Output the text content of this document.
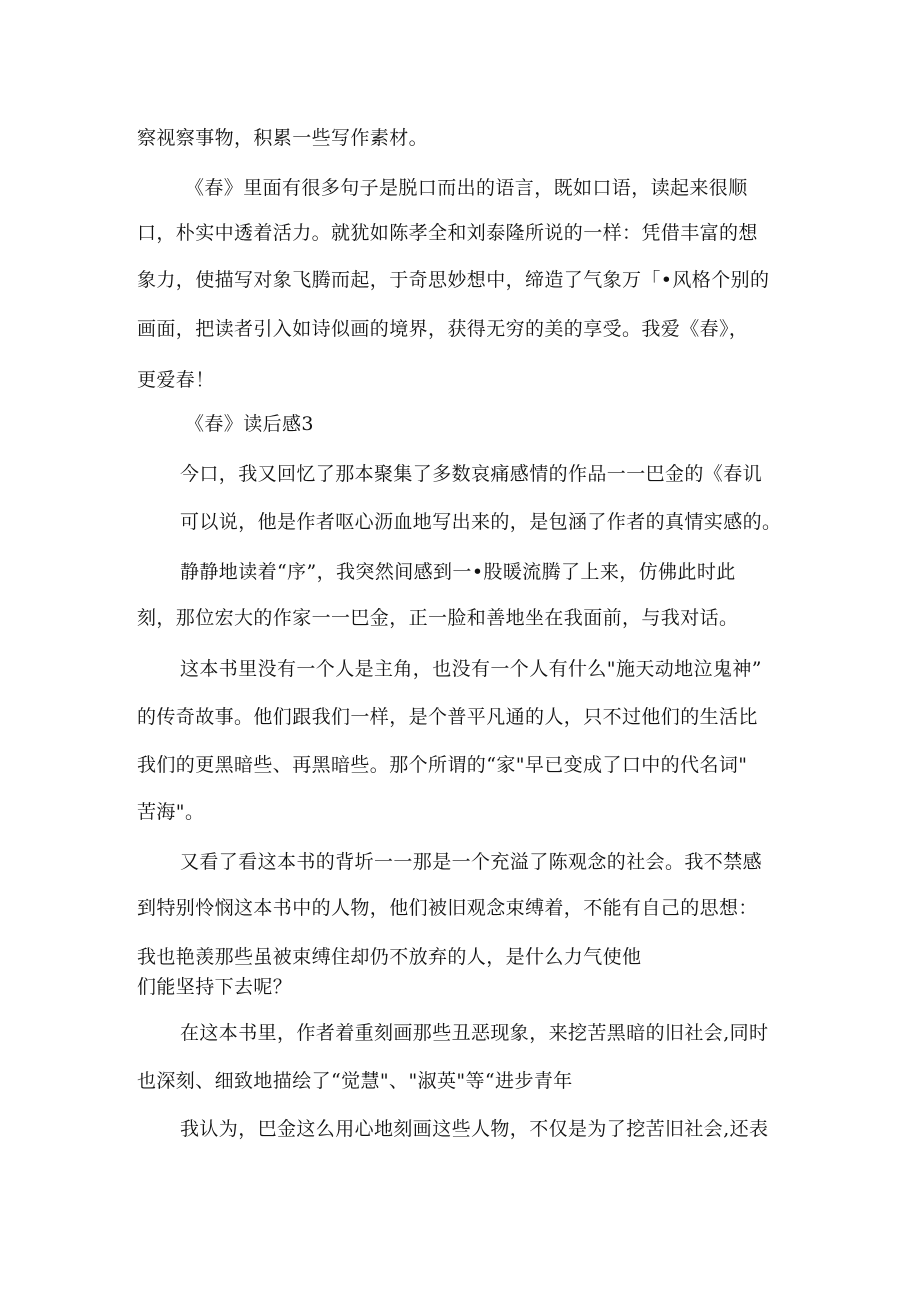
察视察事物，积累一些写作素材。
《春》里面有很多句子是脱口而出的语言，既如口语，读起来很顺
口，朴实中透着活力。就犹如陈孝全和刘泰隆所说的一样：凭借丰富的想
象力，使描写对象飞腾而起，于奇思妙想中，缔造了气象万「•风格个别的
画面，把读者引入如诗似画的境界，获得无穷的美的享受。我爱《春》，
更爱春！
《春》读后感3
今口，我又回忆了那本聚集了多数哀痛感情的作品一一巴金的《春讥
可以说，他是作者呕心沥血地写出来的，是包涵了作者的真情实感的。
静静地读着“序”，我突然间感到一•股暖流腾了上来，仿佛此时此
刻，那位宏大的作家一一巴金，正一脸和善地坐在我面前，与我对话。
这本书里没有一个人是主角，也没有一个人有什么"施天动地泣鬼神”
的传奇故事。他们跟我们一样，是个普平凡通的人，只不过他们的生活比
我们的更黑暗些、再黑暗些。那个所谓的“家"早已变成了口中的代名词"
苦海"。
又看了看这本书的背圻一一那是一个充溢了陈观念的社会。我不禁感
到特别怜悯这本书中的人物，他们被旧观念束缚着，不能有自己的思想：
我也艳羡那些虽被束缚住却仍不放弃的人，是什么力气使他
们能坚持下去呢？
在这本书里，作者着重刻画那些丑恶现象，来挖苦黑暗的旧社会,同时
也深刻、细致地描绘了“觉慧"、"淑英"等“进步青年
我认为，巴金这么用心地刻画这些人物，不仅是为了挖苦旧社会,还表
